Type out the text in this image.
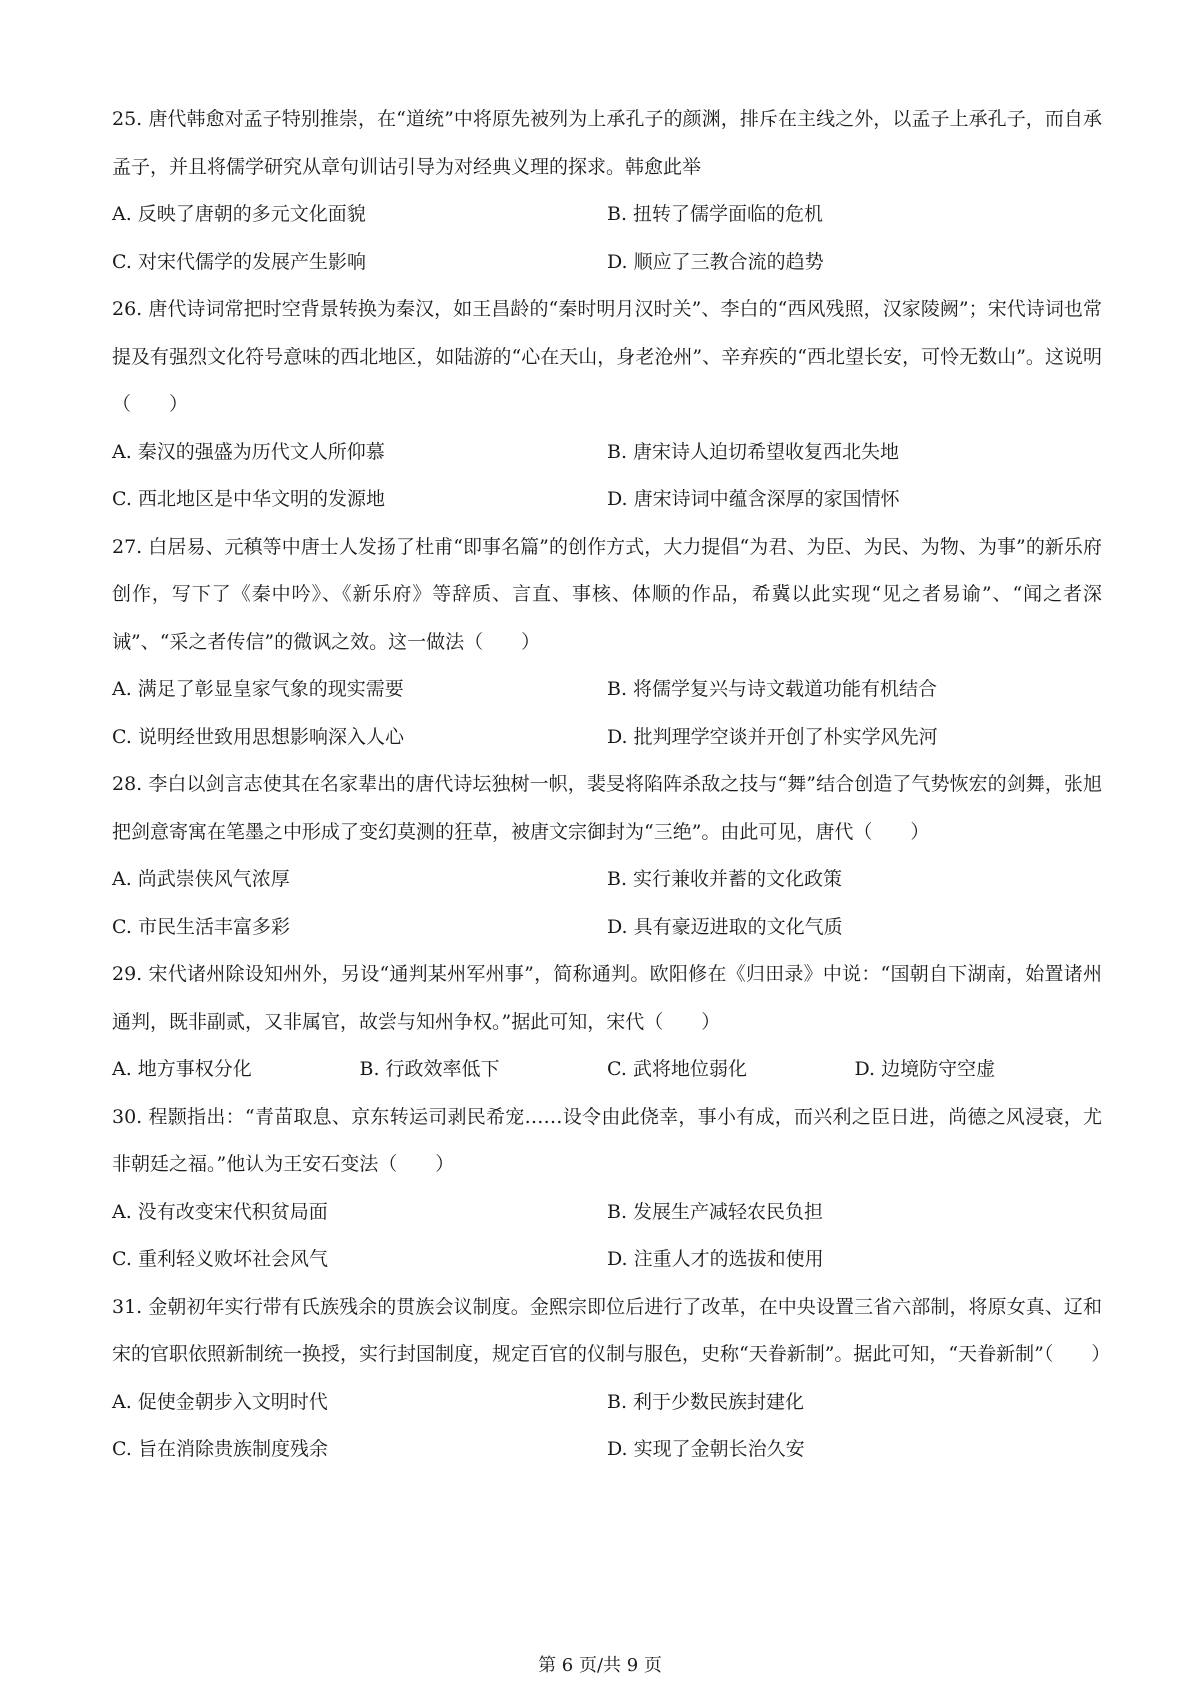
25. 唐代韩愈对孟子特别推崇，在“道统”中将原先被列为上承孔子的颜渊，排斥在主线之外，以孟子上承孔子，而自承孟子，并且将儒学研究从章句训诂引导为对经典义理的探求。韩愈此举

A. 反映了唐朝的多元文化面貌	B. 扭转了儒学面临的危机
C. 对宋代儒学的发展产生影响	D. 顺应了三教合流的趋势

26. 唐代诗词常把时空背景转换为秦汉，如王昌龄的“秦时明月汉时关”、李白的“西风残照，汉家陵阙”；宋代诗词也常提及有强烈文化符号意味的西北地区，如陆游的“心在天山，身老沧州”、辛弃疾的“西北望长安，可怜无数山”。这说明（　　）

A. 秦汉的强盛为历代文人所仰慕	B. 唐宋诗人迫切希望收复西北失地
C. 西北地区是中华文明的发源地	D. 唐宋诗词中蕴含深厚的家国情怀

27. 白居易、元稹等中唐士人发扬了杜甫“即事名篇”的创作方式，大力提倡“为君、为臣、为民、为物、为事”的新乐府创作，写下了《秦中吟》、《新乐府》等辞质、言直、事核、体顺的作品，希冀以此实现“见之者易谕”、“闻之者深诫”、“采之者传信”的微讽之效。这一做法（　　）

A. 满足了彰显皇家气象的现实需要	B. 将儒学复兴与诗文载道功能有机结合
C. 说明经世致用思想影响深入人心	D. 批判理学空谈并开创了朴实学风先河

28. 李白以剑言志使其在名家辈出的唐代诗坛独树一帜，裴旻将陷阵杀敌之技与“舞”结合创造了气势恢宏的剑舞，张旭把剑意寄寓在笔墨之中形成了变幻莫测的狂草，被唐文宗御封为“三绝”。由此可见，唐代（　　）

A. 尚武崇侠风气浓厚	B. 实行兼收并蓄的文化政策
C. 市民生活丰富多彩	D. 具有豪迈进取的文化气质

29. 宋代诸州除设知州外，另设“通判某州军州事”，简称通判。欧阳修在《归田录》中说：“国朝自下湖南，始置诸州通判，既非副贰，又非属官，故尝与知州争权。”据此可知，宋代（　　）

A. 地方事权分化	B. 行政效率低下	C. 武将地位弱化	D. 边境防守空虚

30. 程颢指出：“青苗取息、京东转运司剥民希宠……设令由此侥幸，事小有成，而兴利之臣日进，尚德之风浸衰，尤非朝廷之福。”他认为王安石变法（　　）

A. 没有改变宋代积贫局面	B. 发展生产减轻农民负担
C. 重利轻义败坏社会风气	D. 注重人才的选拔和使用

31. 金朝初年实行带有氏族残余的贯族会议制度。金熙宗即位后进行了改革，在中央设置三省六部制，将原女真、辽和宋的官职依照新制统一换授，实行封国制度，规定百官的仪制与服色，史称“天眷新制”。据此可知，“天眷新制”（　　）

A. 促使金朝步入文明时代	B. 利于少数民族封建化
C. 旨在消除贵族制度残余	D. 实现了金朝长治久安
第 6 页/共 9 页
